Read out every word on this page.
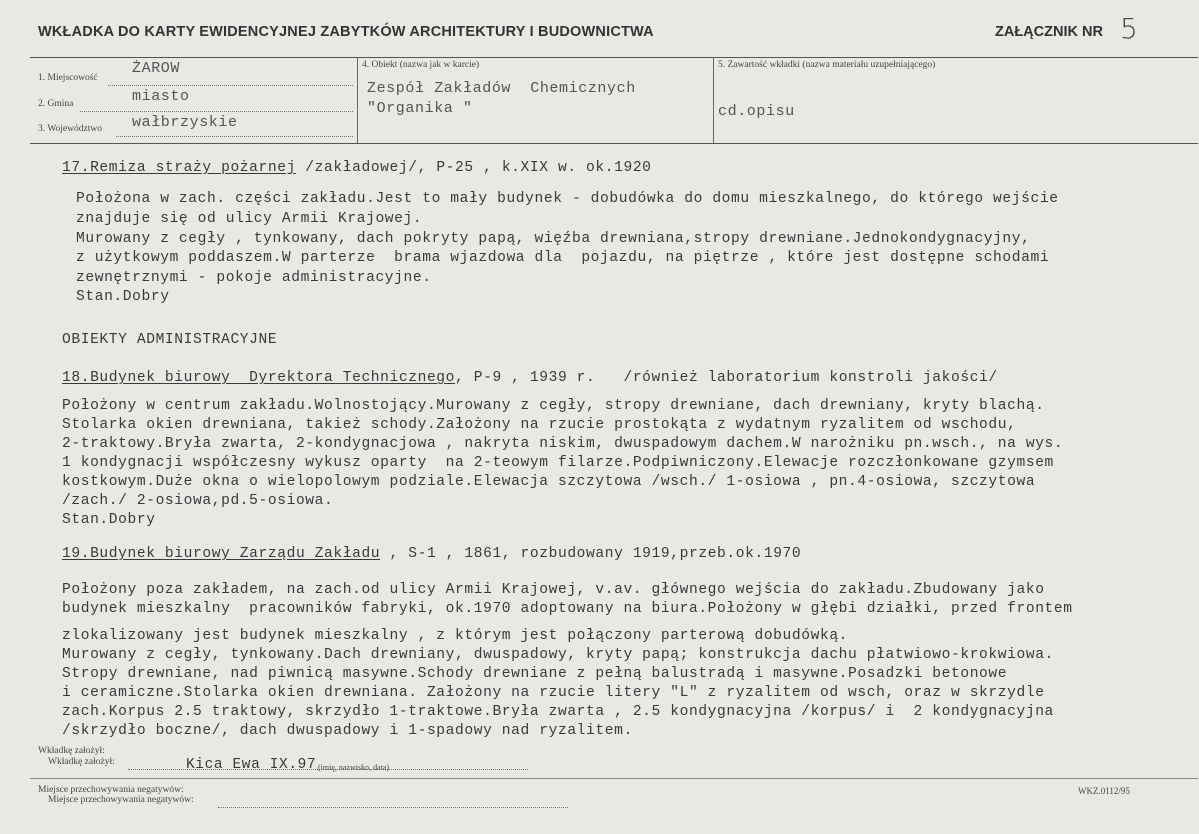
WKŁADKA DO KARTY EWIDENCYJNEJ ZABYTKÓW ARCHITEKTURY I BUDOWNICTWA	ZAŁĄCZNIK NR 5
1. Miejscowość
ŻAROW
2. Gmina	miasto
3. Województwo wałbrzyskie
4. Obiekt (nazwa jak w karcie)
Zespół Zakładów  Chemicznych
"Organika "
5. Zawartość wkładki (nazwa materiału uzupełniającego)
cd.opisu
17.Remiza straży pożarnej /zakładowej/, P-25 , k.XIX w. ok.1920
Położona w zach. części zakładu.Jest to mały budynek - dobudówka do domu mieszkalnego, do którego wejście
znajduje się od ulicy Armii Krajowej.
Murowany z cegły , tynkowany, dach pokryty papą, więźba drewniana,stropy drewniane.Jednokondygnacyjny,
z użytkowym poddaszem.W parterze  brama wjazdowa dla  pojazdu, na piętrze , które jest dostępne schodami
zewnętrznymi - pokoje administracyjne.
Stan.Dobry
OBIEKTY ADMINISTRACYJNE
18.Budynek biurowy  Dyrektora Technicznego, P-9 , 1939 r.   /również laboratorium konstroli jakości/
Położony w centrum zakładu.Wolnostojący.Murowany z cegły, stropy drewniane, dach drewniany, kryty blachą.
Stolarka okien drewniana, takież schody.Założony na rzucie prostokąta z wydatnym ryzalitem od wschodu,
2-traktowy.Bryła zwarta, 2-kondygnacjowa , nakryta niskim, dwuspadowym dachem.W narożniku pn.wsch., na wys.
1 kondygnacji współczesny wykusz oparty  na 2-teowym filarze.Podpiwniczony.Elewacje rozczłonkowane gzymsem
kostkowym.Duże okna o wielopolowym podziale.Elewacja szczytowa /wsch./ 1-osiowa , pn.4-osiowa, szczytowa
/zach./ 2-osiowa,pd.5-osiowa.
Stan.Dobry
19.Budynek biurowy Zarządu Zakładu , S-1 , 1861, rozbudowany 1919,przeb.ok.1970
Położony poza zakładem, na zach.od ulicy Armii Krajowej, v.av. głównego wejścia do zakładu.Zbudowany jako
budynek mieszkalny  pracowników fabryki, ok.1970 adoptowany na biura.Położony w głębi działki, przed frontem
zlokalizowany jest budynek mieszkalny , z którym jest połączony parterową dobudówką.
Murowany z cegły, tynkowany.Dach drewniany, dwuspadowy, kryty papą; konstrukcja dachu płatwiowo-krokwiowa.
Stropy drewniane, nad piwnicą masywne.Schody drewniane z pełną balustradą i masywne.Posadzki betonowe
i ceramiczne.Stolarka okien drewniana. Założony na rzucie litery "L" z ryzalitem od wsch, oraz w skrzydle
zach.Korpus 2.5 traktowy, skrzydło 1-traktowe.Bryła zwarta , 2.5 kondygnacyjna /korpus/ i  2 kondygnacyjna
/skrzydło boczne/, dach dwuspadowy i 1-spadowy nad ryzalitem.
Wkładkę założył:
Wkładkę założył:	Kica Ewa IX.97 (imię, nazwisko, data)
Miejsce przechowywania negatywów:
Miejsce przechowywania negatywów:
WKZ.0112/95
